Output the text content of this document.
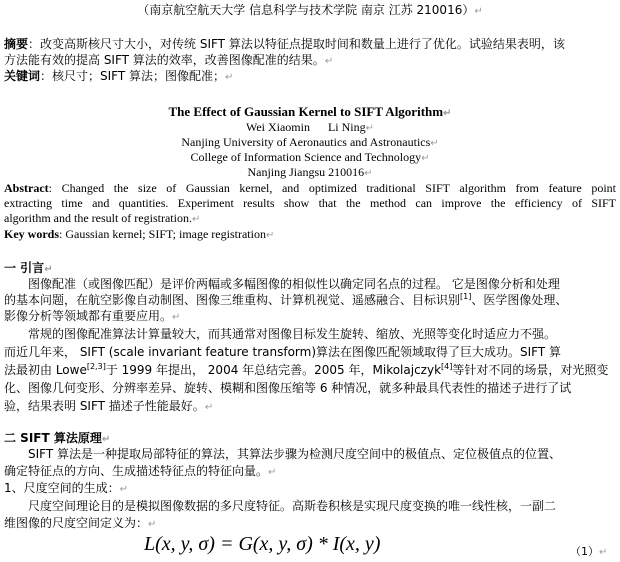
（南京航空航天大学 信息科学与技术学院 南京 江苏 210016）↵
摘要：改变高斯核尺寸大小，对传统 SIFT 算法以特征点提取时间和数量上进行了优化。试验结果表明，该
方法能有效的提高 SIFT 算法的效率，改善图像配准的结果。↵
关键词：核尺寸；SIFT 算法；图像配准；↵
The Effect of Gaussian Kernel to SIFT Algorithm↵
Wei Xiaomin      Li Ning↵
Nanjing University of Aeronautics and Astronautics↵
College of Information Science and Technology↵
Nanjing Jiangsu 210016↵
Abstract: Changed the size of Gaussian kernel, and optimized traditional SIFT algorithm from feature point
extracting time and quantities. Experiment results show that the method can improve the efficiency of SIFT
algorithm and the result of registration.↵
Key words: Gaussian kernel; SIFT; image registration↵
一 引言↵
图像配准（或图像匹配）是评价两幅或多幅图像的相似性以确定同名点的过程。 它是图像分析和处理
的基本问题，在航空影像自动制图、图像三维重构、计算机视觉、遥感融合、目标识别[1]、医学图像处理、
影像分析等领域都有重要应用。↵
常规的图像配准算法计算量较大，而其通常对图像目标发生旋转、缩放、光照等变化时适应力不强。
而近几年来， SIFT (scale invariant feature transform)算法在图像匹配领域取得了巨大成功。SIFT 算
法最初由 Lowe[2,3]于 1999 年提出， 2004 年总结完善。2005 年，Mikolajczyk[4]等针对不同的场景，对光照变
化、图像几何变形、分辨率差异、旋转、模糊和图像压缩等 6 种情况，就多种最具代表性的描述子进行了试
验，结果表明 SIFT 描述子性能最好。↵
二 SIFT 算法原理↵
SIFT 算法是一种提取局部特征的算法，其算法步骤为检测尺度空间中的极值点、定位极值点的位置、
确定特征点的方向、生成描述特征点的特征向量。↵
1、尺度空间的生成：↵
尺度空间理论目的是模拟图像数据的多尺度特征。高斯卷积核是实现尺度变换的唯一线性核，一副二
维图像的尺度空间定义为：↵
L(x, y, σ) = G(x, y, σ) * I(x, y)	（1）↵
